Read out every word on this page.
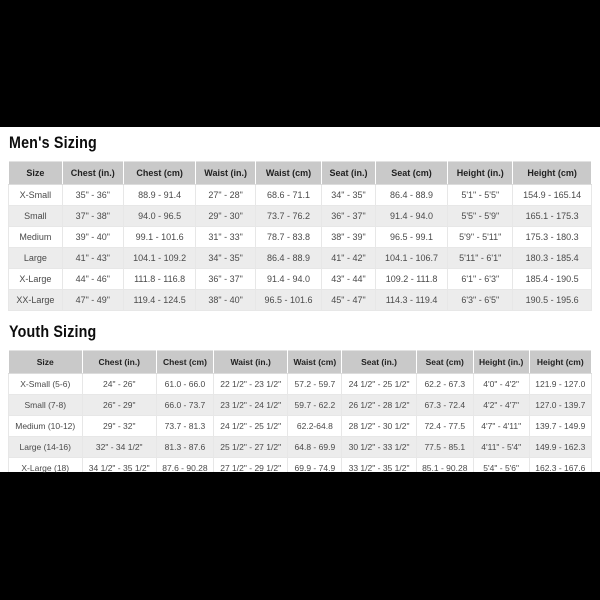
Men's Sizing
Size	Chest (in.)	Chest (cm)	Waist (in.)	Waist (cm)	Seat (in.)	Seat (cm)	Height (in.)	Height (cm)
X-Small	35" - 36"	88.9 - 91.4	27" - 28"	68.6 - 71.1	34" - 35"	86.4 - 88.9	5'1" - 5'5"	154.9 - 165.14
Small	37" - 38"	94.0 - 96.5	29" - 30"	73.7 - 76.2	36" - 37"	91.4 - 94.0	5'5" - 5'9"	165.1 - 175.3
Medium	39" - 40"	99.1 - 101.6	31" - 33"	78.7 - 83.8	38" - 39"	96.5 - 99.1	5'9" - 5'11"	175.3 - 180.3
Large	41" - 43"	104.1 - 109.2	34" - 35"	86.4 - 88.9	41" - 42"	104.1 - 106.7	5'11" - 6'1"	180.3 - 185.4
X-Large	44" - 46"	111.8 - 116.8	36" - 37"	91.4 - 94.0	43" - 44"	109.2 - 111.8	6'1" - 6'3"	185.4 - 190.5
XX-Large	47" - 49"	119.4 - 124.5	38" - 40"	96.5 - 101.6	45" - 47"	114.3 - 119.4	6'3" - 6'5"	190.5 - 195.6
Youth Sizing
Size	Chest (in.)	Chest (cm)	Waist (in.)	Waist (cm)	Seat (in.)	Seat (cm)	Height (in.)	Height (cm)
X-Small (5-6)	24" - 26"	61.0 - 66.0	22 1/2" - 23 1/2"	57.2 - 59.7	24 1/2" - 25 1/2"	62.2 - 67.3	4'0" - 4'2"	121.9 - 127.0
Small (7-8)	26" - 29"	66.0 - 73.7	23 1/2" - 24 1/2"	59.7 - 62.2	26 1/2" - 28 1/2"	67.3 - 72.4	4'2" - 4'7"	127.0 - 139.7
Medium (10-12)	29" - 32"	73.7 - 81.3	24 1/2" - 25 1/2"	62.2-64.8	28 1/2" - 30 1/2"	72.4 - 77.5	4'7" - 4'11"	139.7 - 149.9
Large (14-16)	32" - 34 1/2"	81.3 - 87.6	25 1/2" - 27 1/2"	64.8 - 69.9	30 1/2" - 33 1/2"	77.5 - 85.1	4'11" - 5'4"	149.9 - 162.3
X-Large (18)	34 1/2" - 35 1/2"	87.6 - 90.28	27 1/2" - 29 1/2"	69.9 - 74.9	33 1/2" - 35 1/2"	85.1 - 90.28	5'4" - 5'6"	162.3 - 167.6
